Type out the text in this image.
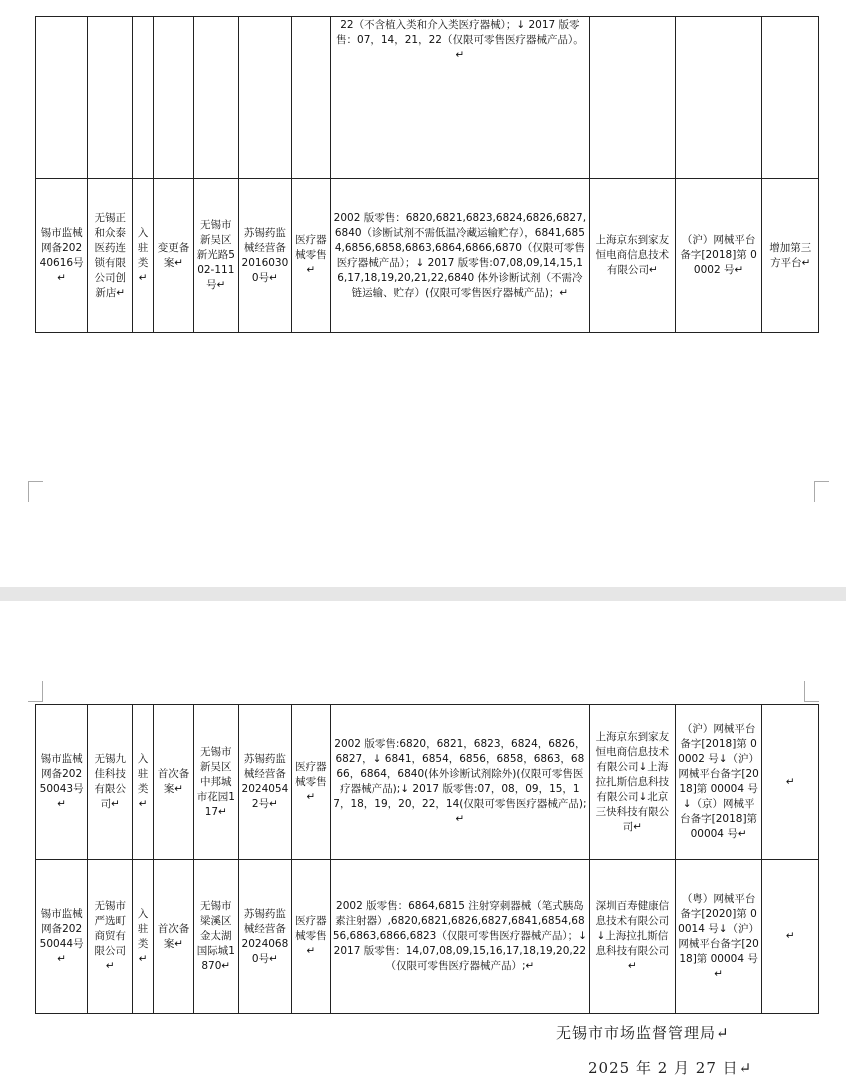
							22（不含植入类和介入类医疗器械）；↓ 2017 版零售：07，14，21，22（仅限可零售医疗器械产品）。↵			
锡市监械网备20240616号↵	无锡正和众泰医药连锁有限公司创新店↵	入驻类↵	变更备案↵	无锡市新吴区新光路502-111号↵	苏锡药监械经营备20160300号↵	医疗器械零售↵	2002 版零售：6820,6821,6823,6824,6826,6827,6840（诊断试剂不需低温冷藏运输贮存），6841,6854,6856,6858,6863,6864,6866,6870（仅限可零售医疗器械产品）；↓ 2017 版零售:07,08,09,14,15,16,17,18,19,20,21,22,6840 体外诊断试剂（不需冷链运输、贮存）(仅限可零售医疗器械产品)；↵	上海京东到家友恒电商信息技术有限公司↵	（沪）网械平台备字[2018]第 00002 号↵	增加第三方平台↵
锡市监械网备20250043号↵	无锡九佳科技有限公司↵	入驻类↵	首次备案↵	无锡市新吴区中邦城市花园117↵	苏锡药监械经营备20240542号↵	医疗器械零售↵	2002 版零售:6820，6821，6823，6824，6826，6827，↓ 6841，6854，6856，6858，6863，6866，6864，6840(体外诊断试剂除外)(仅限可零售医疗器械产品);↓ 2017 版零售:07，08，09，15，17，18，19，20，22，14(仅限可零售医疗器械产品);↵	上海京东到家友恒电商信息技术有限公司↓上海拉扎斯信息科技有限公司↓北京三快科技有限公司↵	（沪）网械平台备字[2018]第 00002 号↓（沪）网械平台备字[2018]第 00004 号↓（京）网械平台备字[2018]第 00004 号↵	↵
锡市监械网备20250044号↵	无锡市严选町商贸有限公司↵	入驻类↵	首次备案↵	无锡市梁溪区金太湖国际城1870↵	苏锡药监械经营备20240680号↵	医疗器械零售↵	2002 版零售：6864,6815 注射穿刺器械（笔式胰岛素注射器）,6820,6821,6826,6827,6841,6854,6856,6863,6866,6823（仅限可零售医疗器械产品）；↓ 2017 版零售：14,07,08,09,15,16,17,18,19,20,22（仅限可零售医疗器械产品）;↵	深圳百寿健康信息技术有限公司↓上海拉扎斯信息科技有限公司↵	（粤）网械平台备字[2020]第 00014 号↓（沪）网械平台备字[2018]第 00004 号↵	↵
无锡市市场监督管理局↵
2025 年 2 月 27 日↵
